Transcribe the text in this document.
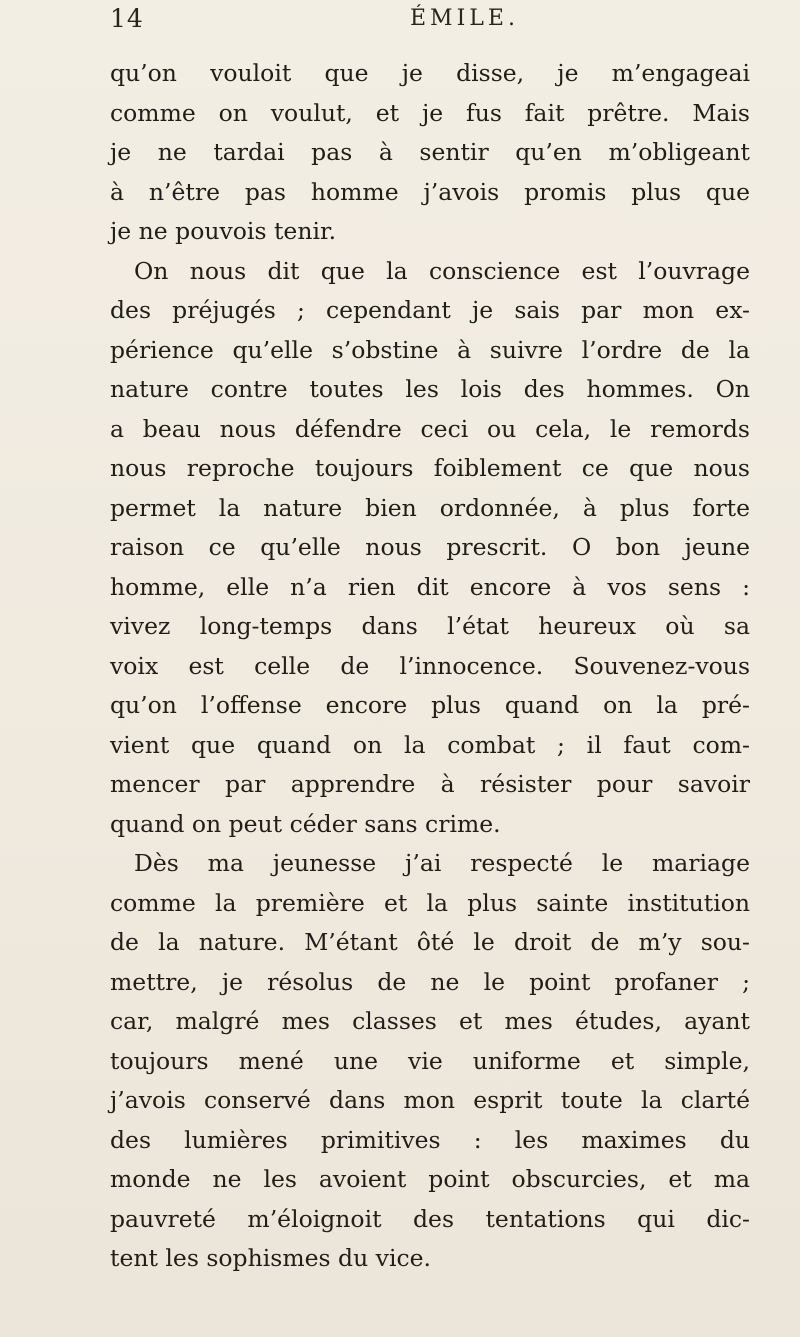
14	ÉMILE.

qu’on vouloit que je disse, je m’engageai
comme on voulut, et je fus fait prêtre. Mais
je ne tardai pas à sentir qu’en m’obligeant
à n’être pas homme j’avois promis plus que
je ne pouvois tenir.

On nous dit que la conscience est l’ouvrage
des préjugés ; cependant je sais par mon ex-
périence qu’elle s’obstine à suivre l’ordre de la
nature contre toutes les lois des hommes. On
a beau nous défendre ceci ou cela, le remords
nous reproche toujours foiblement ce que nous
permet la nature bien ordonnée, à plus forte
raison ce qu’elle nous prescrit. O bon jeune
homme, elle n’a rien dit encore à vos sens :
vivez long-temps dans l’état heureux où sa
voix est celle de l’innocence. Souvenez-vous
qu’on l’offense encore plus quand on la pré-
vient que quand on la combat ; il faut com-
mencer par apprendre à résister pour savoir
quand on peut céder sans crime.

Dès ma jeunesse j’ai respecté le mariage
comme la première et la plus sainte institution
de la nature. M’étant ôté le droit de m’y sou-
mettre, je résolus de ne le point profaner ;
car, malgré mes classes et mes études, ayant
toujours mené une vie uniforme et simple,
j’avois conservé dans mon esprit toute la clarté
des lumières primitives : les maximes du
monde ne les avoient point obscurcies, et ma
pauvreté m’éloignoit des tentations qui dic-
tent les sophismes du vice.
